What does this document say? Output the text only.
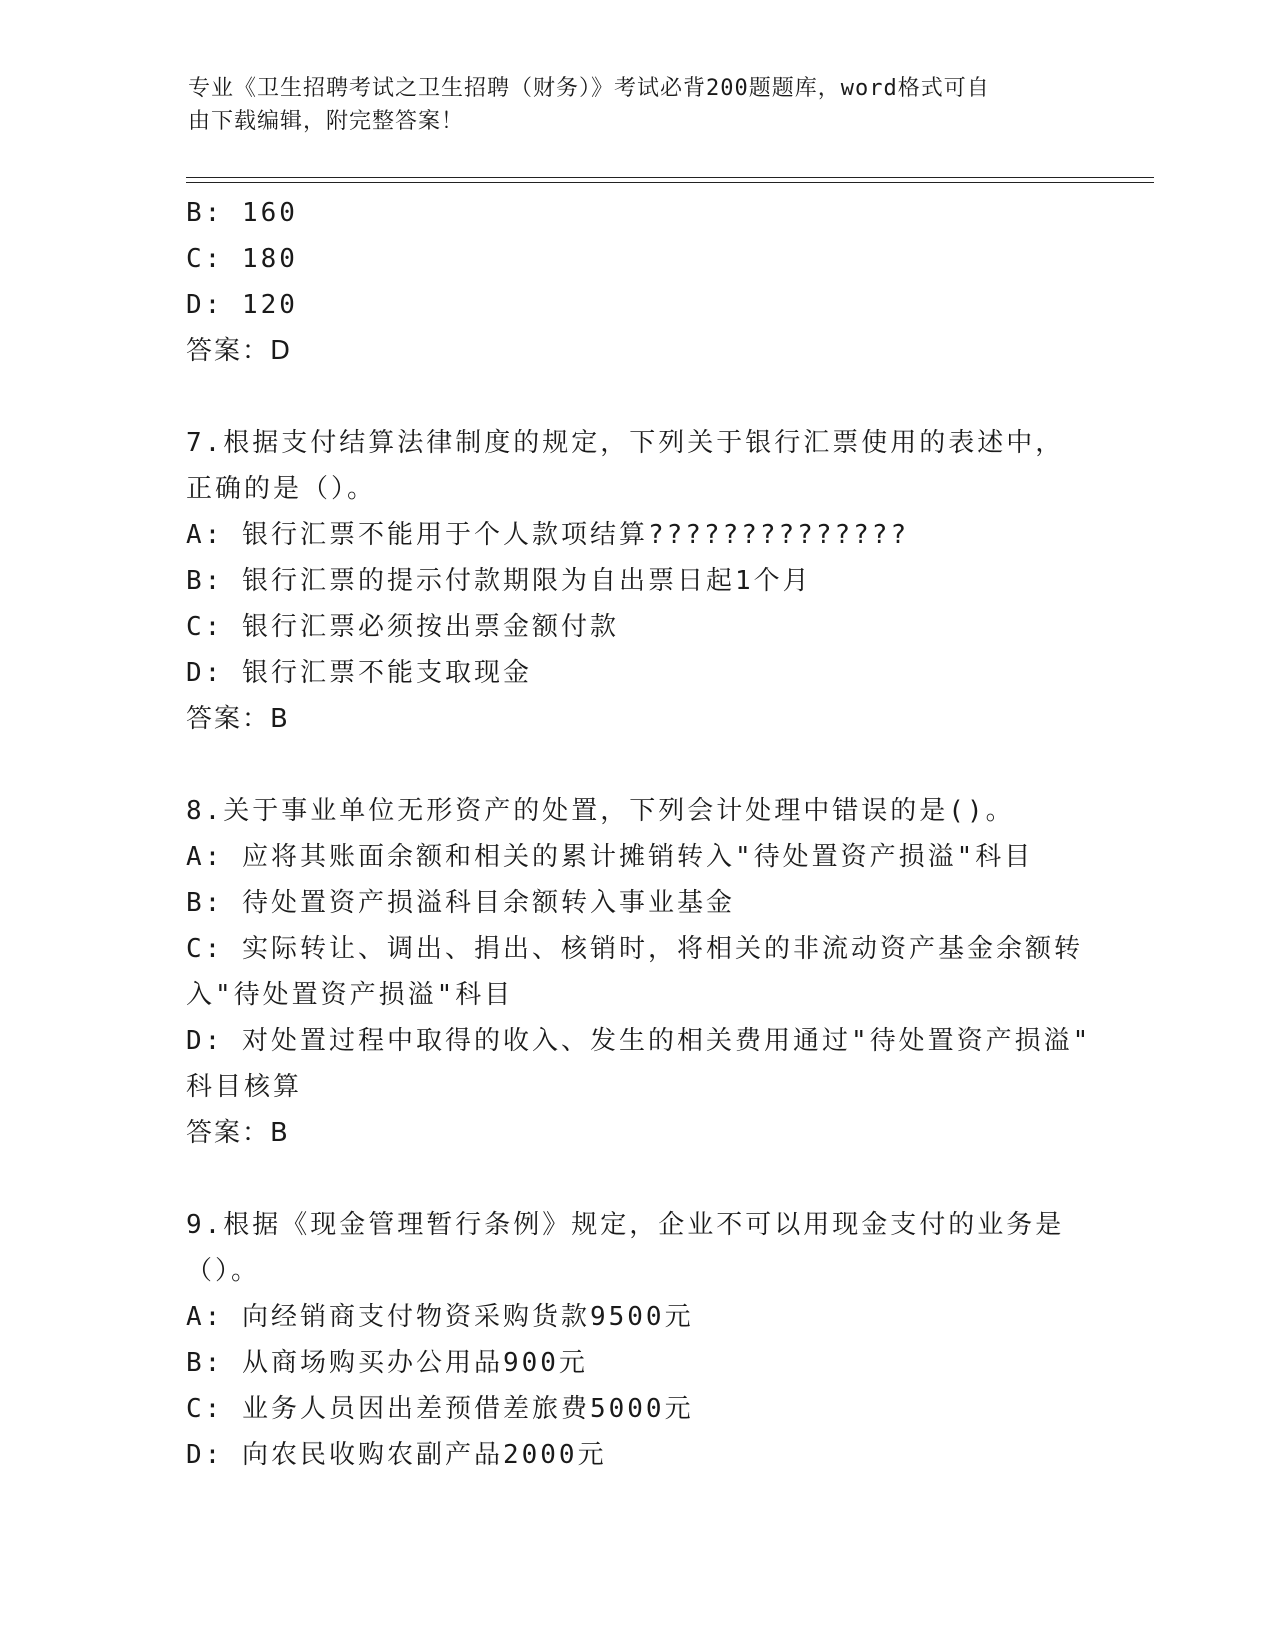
专业《卫生招聘考试之卫生招聘（财务）》考试必背200题题库，word格式可自
由下载编辑，附完整答案！
B: 160
C: 180
D: 120
答案：D
7.根据支付结算法律制度的规定，下列关于银行汇票使用的表述中，
正确的是（）。
A: 银行汇票不能用于个人款项结算??????????????
B: 银行汇票的提示付款期限为自出票日起1个月
C: 银行汇票必须按出票金额付款
D: 银行汇票不能支取现金
答案：B
8.关于事业单位无形资产的处置，下列会计处理中错误的是()。
A: 应将其账面余额和相关的累计摊销转入"待处置资产损溢"科目
B: 待处置资产损溢科目余额转入事业基金
C: 实际转让、调出、捐出、核销时，将相关的非流动资产基金余额转
入"待处置资产损溢"科目
D: 对处置过程中取得的收入、发生的相关费用通过"待处置资产损溢"
科目核算
答案：B
9.根据《现金管理暂行条例》规定，企业不可以用现金支付的业务是
（）。
A: 向经销商支付物资采购货款9500元
B: 从商场购买办公用品900元
C: 业务人员因出差预借差旅费5000元
D: 向农民收购农副产品2000元
